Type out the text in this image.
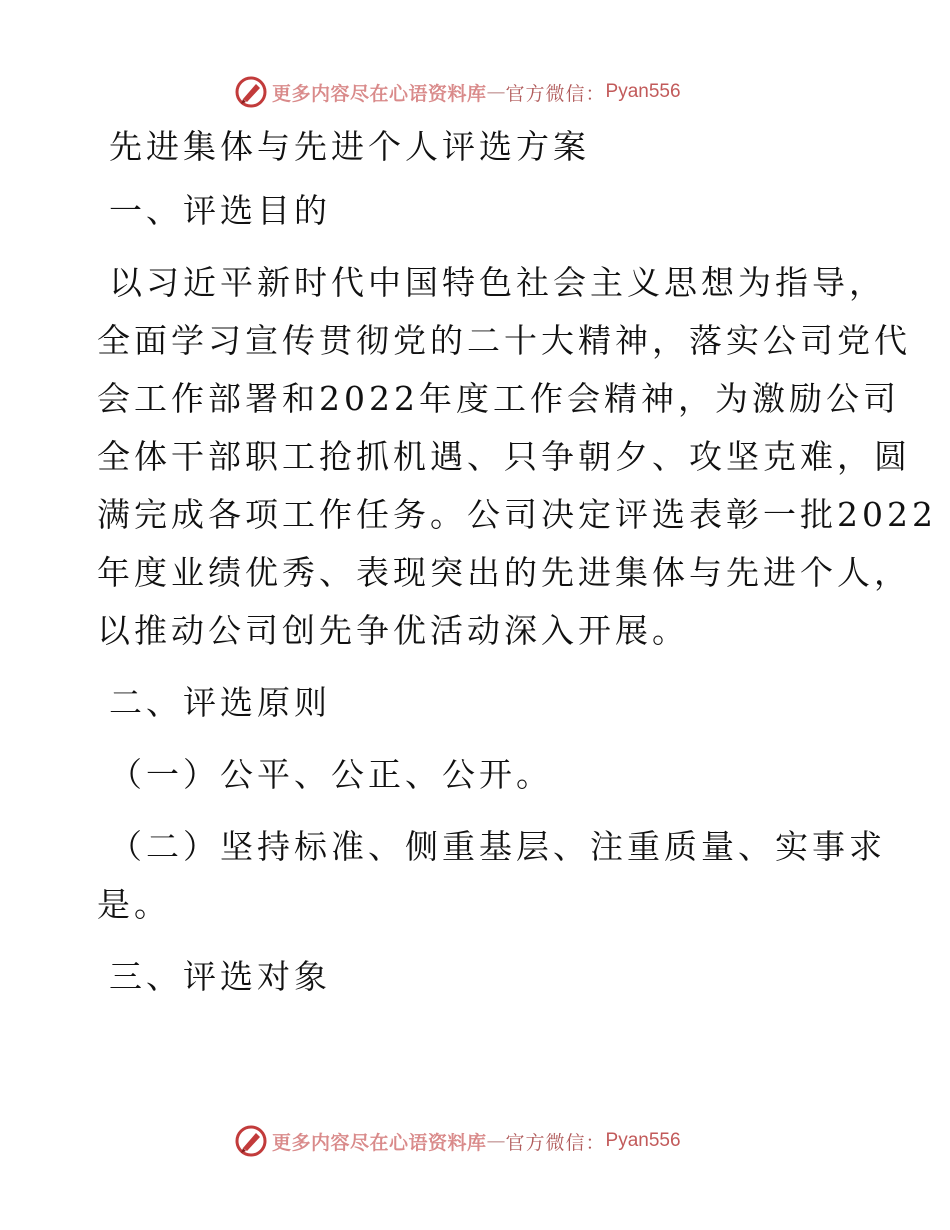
更多内容尽在心语资料库 — 官方微信： Pyan556
先进集体与先进个人评选方案
一、评选目的
以习近平新时代中国特色社会主义思想为指导，
全面学习宣传贯彻党的二十大精神，落实公司党代
会工作部署和2022年度工作会精神，为激励公司
全体干部职工抢抓机遇、只争朝夕、攻坚克难，圆
满完成各项工作任务。公司决定评选表彰一批2022
年度业绩优秀、表现突出的先进集体与先进个人，
以推动公司创先争优活动深入开展。
二、评选原则
（一）公平、公正、公开。
（二）坚持标准、侧重基层、注重质量、实事求
是。
三、评选对象
更多内容尽在心语资料库 — 官方微信： Pyan556
